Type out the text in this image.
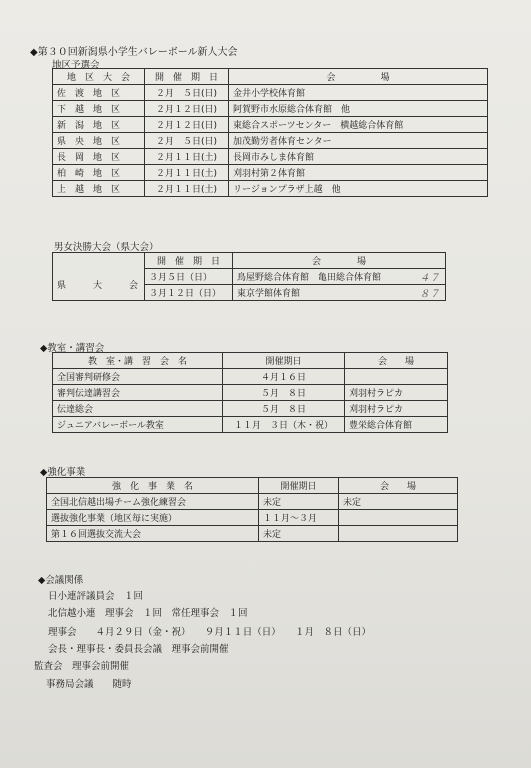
◆第３０回新潟県小学生バレーボール新人大会
地区予選会
地　区　大　会	開　催　期　日	会　　　　　場
佐　渡　地　区	２月　５日(日)	金井小学校体育館
下　越　地　区	２月１２日(日)	阿賀野市水原総合体育館　他
新　潟　地　区	２月１２日(日)	東総合スポーツセンター　横越総合体育館
県　央　地　区	２月　５日(日)	加茂勤労者体育センター
長　岡　地　区	２月１１日(土)	長岡市みしま体育館
柏　崎　地　区	２月１１日(土)	刈羽村第２体育館
上　越　地　区	２月１１日(土)	リージョンプラザ上越　他
男女決勝大会（県大会）
	開　催　期　日	会　　　　場	
県　　　大　　　会	３月５日（日）	鳥屋野総合体育館　亀田総合体育館	４７
	３月１２日（日）	東京学館体育館	８７
◆教室・講習会
教　室・講　習　会　名	開催期日	会　　場
全国審判研修会	４月１６日	
審判伝達講習会	５月　８日	刈羽村ラピカ
伝達総会	５月　８日	刈羽村ラピカ
ジュニアバレーボール教室	１１月　３日（木・祝）	豊栄総合体育館
◆強化事業
強　化　事　業　名	開催期日	会　　場
全国北信越出場チーム強化練習会	未定	未定
選抜強化事業（地区毎に実施）	１１月～３月	
第１６回選抜交流大会	未定	
◆会議関係
日小連評議員会　１回
北信越小連　理事会　１回　常任理事会　１回
理事会　　４月２９日（金・祝）　　９月１１日（日）　　１月　８日（日）
会長・理事長・委員長会議　理事会前開催
監査会　理事会前開催
事務局会議　　随時
